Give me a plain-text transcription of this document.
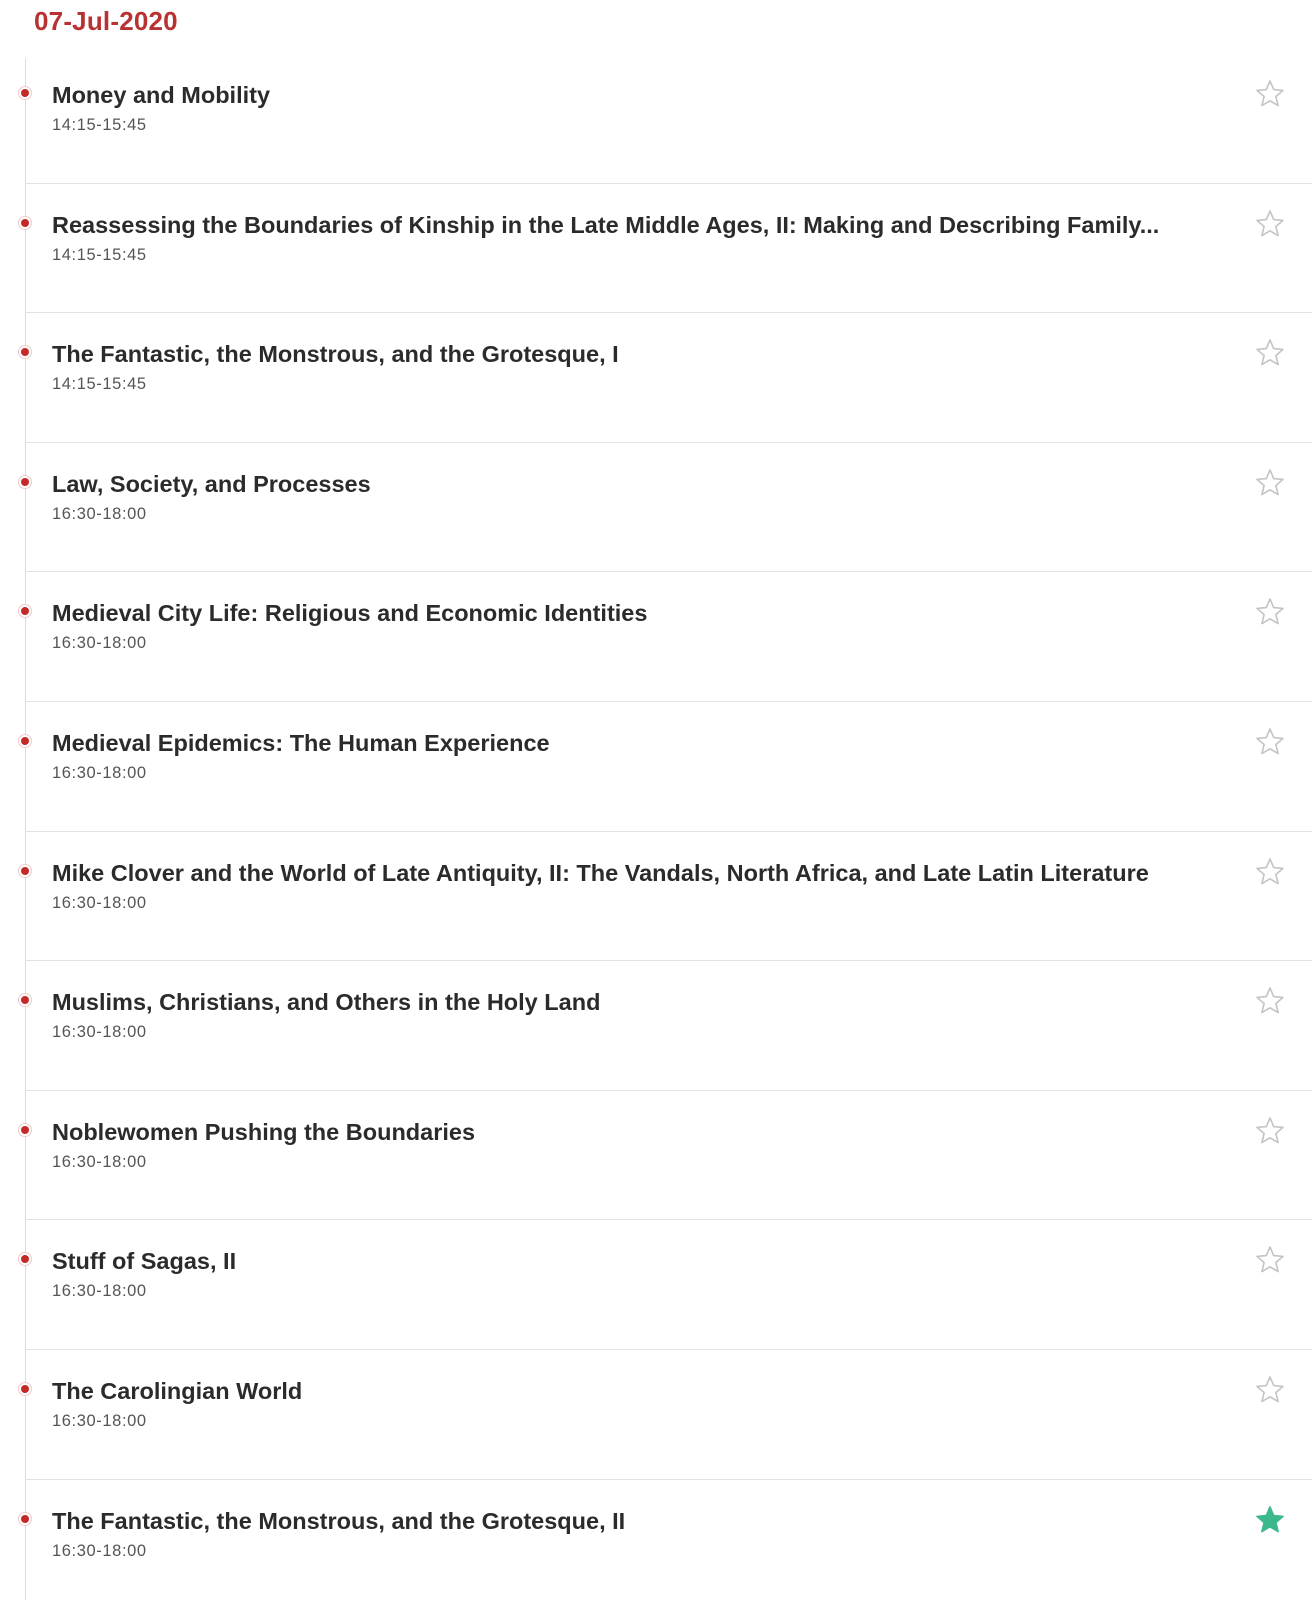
07-Jul-2020
Money and Mobility
14:15-15:45
Reassessing the Boundaries of Kinship in the Late Middle Ages, II: Making and Describing Family...
14:15-15:45
The Fantastic, the Monstrous, and the Grotesque, I
14:15-15:45
Law, Society, and Processes
16:30-18:00
Medieval City Life: Religious and Economic Identities
16:30-18:00
Medieval Epidemics: The Human Experience
16:30-18:00
Mike Clover and the World of Late Antiquity, II: The Vandals, North Africa, and Late Latin Literature
16:30-18:00
Muslims, Christians, and Others in the Holy Land
16:30-18:00
Noblewomen Pushing the Boundaries
16:30-18:00
Stuff of Sagas, II
16:30-18:00
The Carolingian World
16:30-18:00
The Fantastic, the Monstrous, and the Grotesque, II
16:30-18:00
